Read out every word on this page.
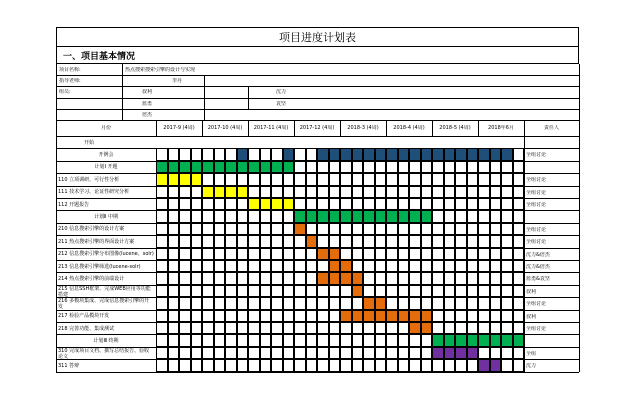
项目进度计划表
一、项目基本情况
项目名称:	热点搜索搜索引擎的设计与实现
指导老师:	李丹
组员:	叔利	沈力
蓝勇	袁坚
倍杰
月份	责任人
2017-9 (4周)	2017-10 (4周)	2017-11 (4周)	2017-12 (4周)	2018-3 (4周)	2018-4 (4周)	2018-5 (4周)	2018年6月
开始
开例会	全组讨论
计划Ⅰ 开题
110 立项调研、可行性分析	全组讨论
111 技术学习、论证性研究分析	全组讨论
112 开题报告	全组讨论
计划Ⅱ 中期
210 信息搜索引擎的设计方案	全组讨论
211 热点搜索引擎的界面设计方案	全组讨论
212 信息搜索引擎分布图像(lucene、solr)	沈力&倍杰
213 信息搜索引擎筛选(lucene-solr)	沈力&倍杰
214 热点搜索引擎的前端设计	蓝勇&袁坚
215 信息SSH框架、完成WEB应用等功能搭建	叔利
216 多模块集成、完成信息搜索引擎的开发	全组讨论
217 检验产品模块开发	叔利
218 完善功能、集成测试	全组讨论
计划Ⅲ 终期
310 完成项目文档、撰写总结报告、验收论文	全组
311 答辩	沈力
